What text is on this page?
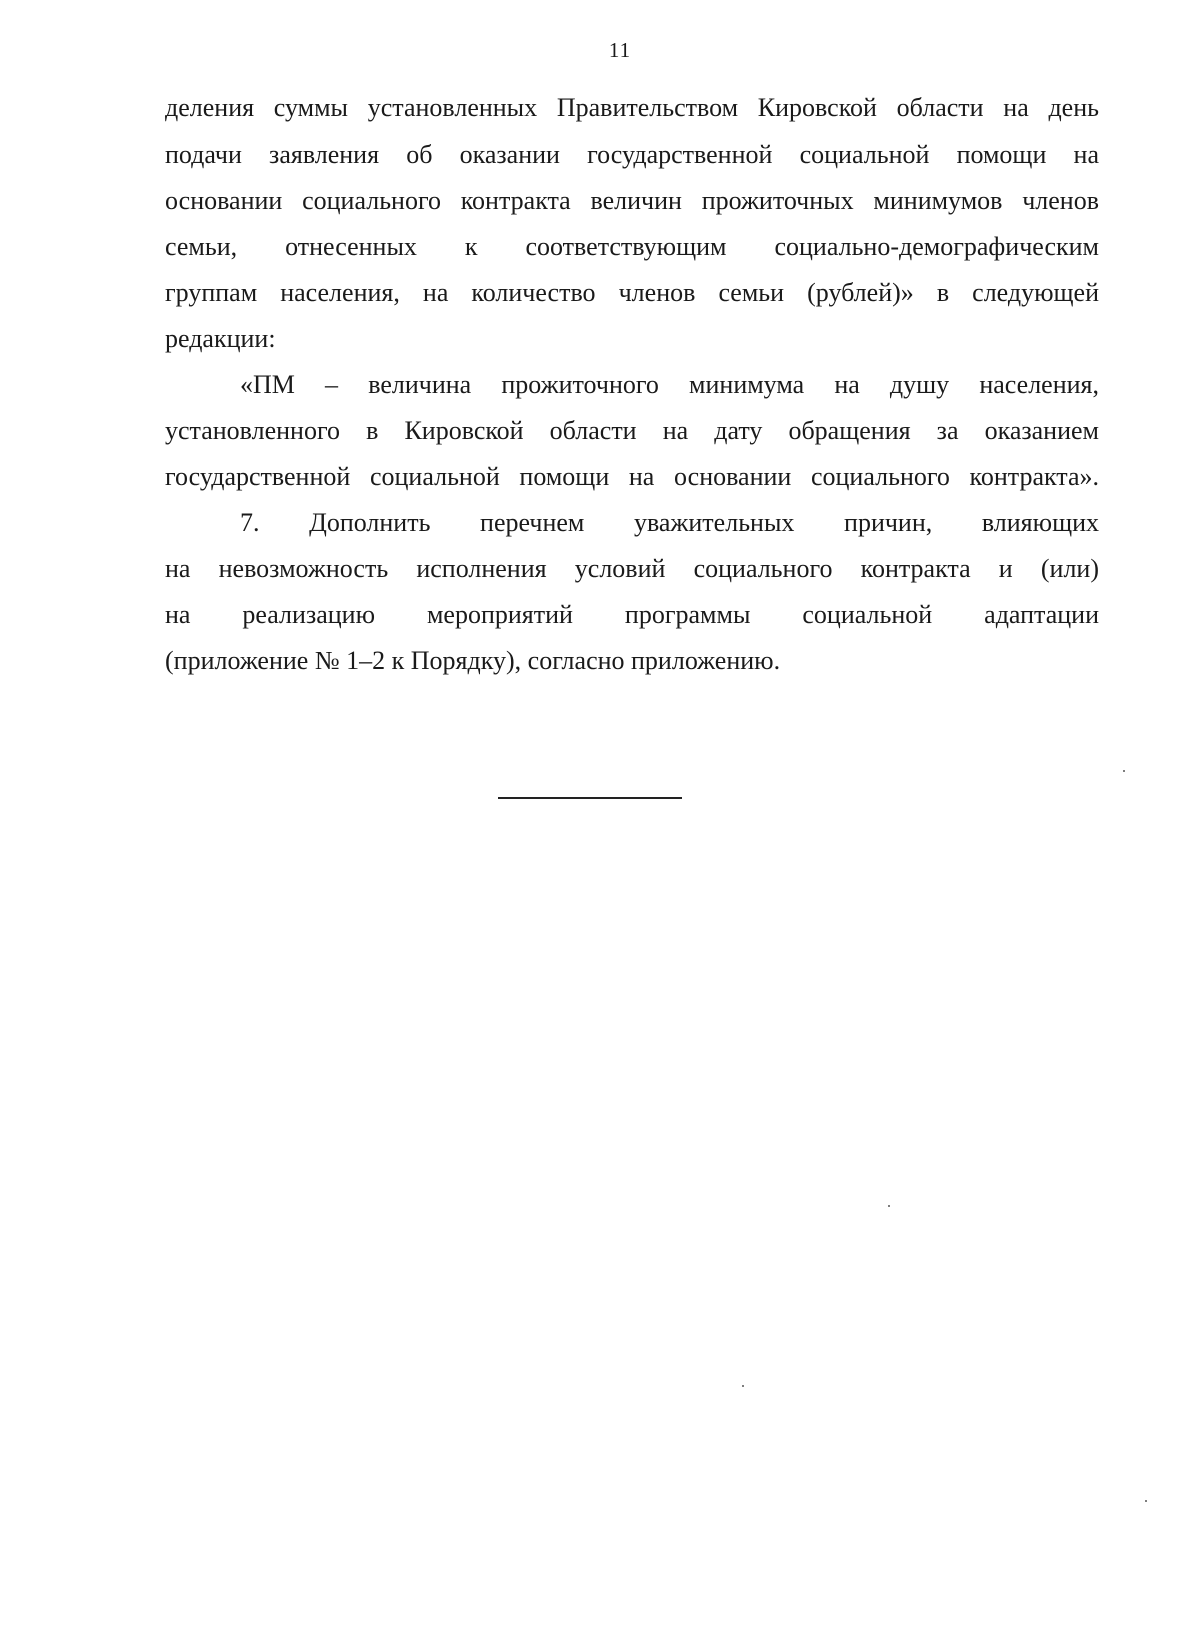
11
деления суммы установленных Правительством Кировской области на день
подачи заявления об оказании государственной социальной помощи на
основании социального контракта величин прожиточных минимумов членов
семьи, отнесенных к соответствующим социально-демографическим
группам населения, на количество членов семьи (рублей)» в следующей
редакции:
«ПМ – величина прожиточного минимума на душу населения,
установленного в Кировской области на дату обращения за оказанием
государственной социальной помощи на основании социального контракта».
7. Дополнить перечнем уважительных причин, влияющих
на невозможность исполнения условий социального контракта и (или)
на реализацию мероприятий программы социальной адаптации
(приложение № 1–2 к Порядку), согласно приложению.
